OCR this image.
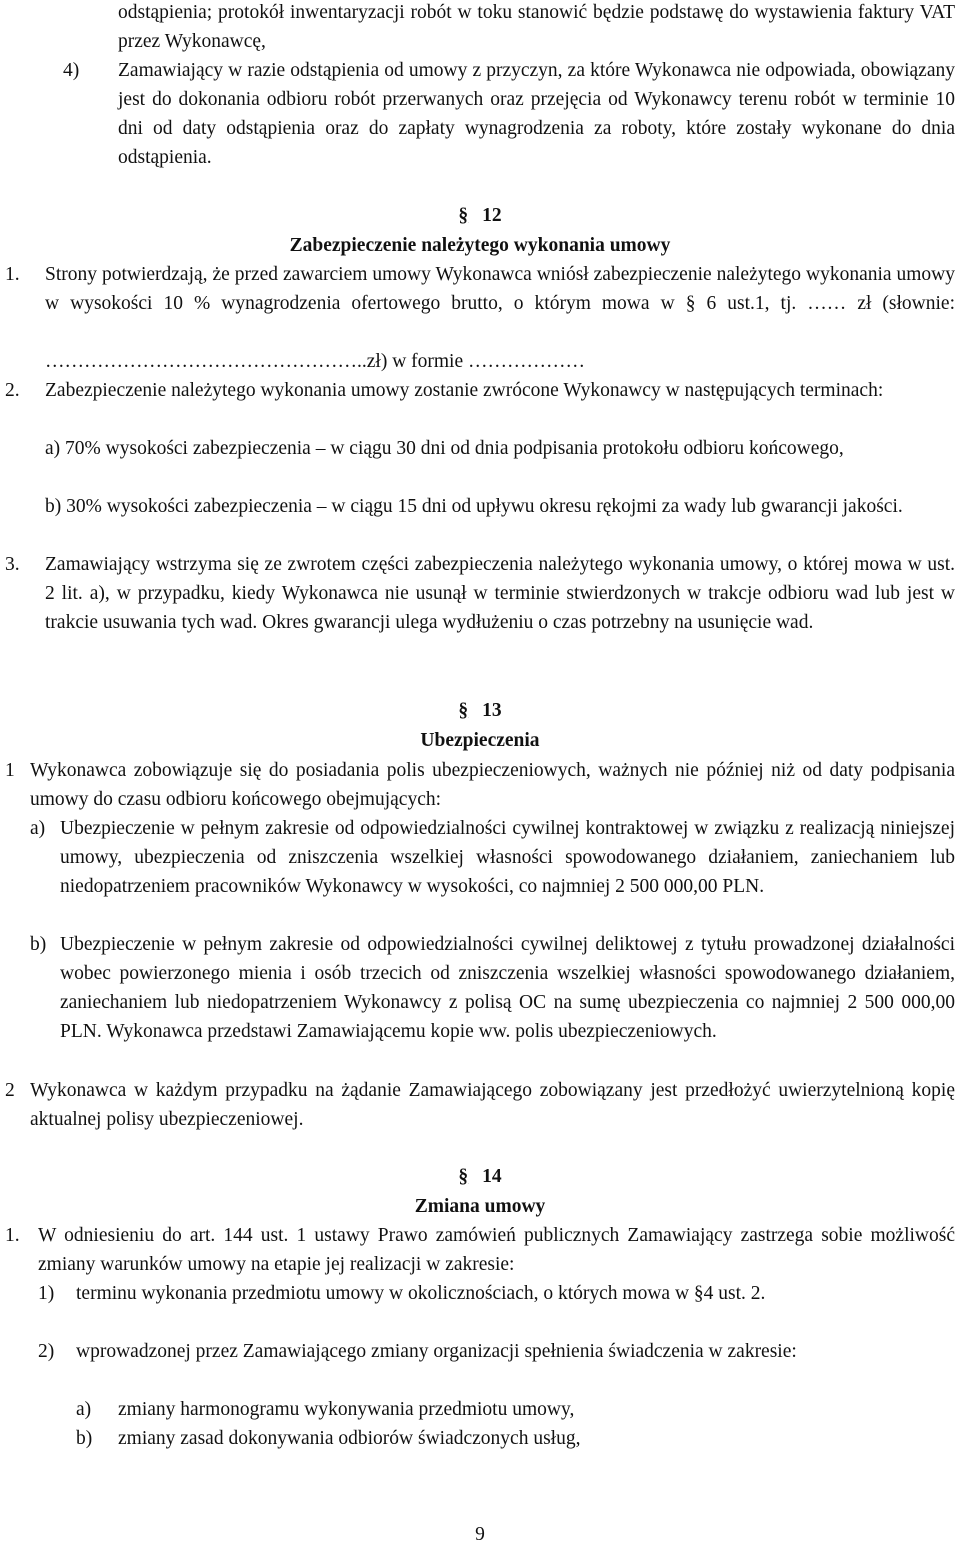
odstąpienia; protokół inwentaryzacji robót w toku stanowić będzie podstawę do wystawienia faktury VAT przez Wykonawcę,
4) Zamawiający w razie odstąpienia od umowy z przyczyn, za które Wykonawca nie odpowiada, obowiązany jest do dokonania odbioru robót przerwanych oraz przejęcia od Wykonawcy terenu robót w terminie 10 dni od daty odstąpienia oraz do zapłaty wynagrodzenia za roboty, które zostały wykonane do dnia odstąpienia.
§ 12
Zabezpieczenie należytego wykonania umowy
1. Strony potwierdzają, że przed zawarciem umowy Wykonawca wniósł zabezpieczenie należytego wykonania umowy w wysokości 10 % wynagrodzenia ofertowego brutto, o którym mowa w § 6 ust.1, tj. …… zł (słownie:
…………………………………………..zł) w formie ………………
2. Zabezpieczenie należytego wykonania umowy zostanie zwrócone Wykonawcy w następujących terminach:
a) 70% wysokości zabezpieczenia – w ciągu 30 dni od dnia podpisania protokołu odbioru końcowego,
b) 30% wysokości zabezpieczenia – w ciągu 15 dni od upływu okresu rękojmi za wady lub gwarancji jakości.
3. Zamawiający wstrzyma się ze zwrotem części zabezpieczenia należytego wykonania umowy, o której mowa w ust. 2 lit. a), w przypadku, kiedy Wykonawca nie usunął w terminie stwierdzonych w trakcje odbioru wad lub jest w trakcie usuwania tych wad. Okres gwarancji ulega wydłużeniu o czas potrzebny na usunięcie wad.
§ 13
Ubezpieczenia
1 Wykonawca zobowiązuje się do posiadania polis ubezpieczeniowych, ważnych nie później niż od daty podpisania umowy do czasu odbioru końcowego obejmujących:
a) Ubezpieczenie w pełnym zakresie od odpowiedzialności cywilnej kontraktowej w związku z realizacją niniejszej umowy, ubezpieczenia od zniszczenia wszelkiej własności spowodowanego działaniem, zaniechaniem lub niedopatrzeniem pracowników Wykonawcy w wysokości, co najmniej 2 500 000,00 PLN.
b) Ubezpieczenie w pełnym zakresie od odpowiedzialności cywilnej deliktowej z tytułu prowadzonej działalności wobec powierzonego mienia i osób trzecich od zniszczenia wszelkiej własności spowodowanego działaniem, zaniechaniem lub niedopatrzeniem Wykonawcy z polisą OC na sumę ubezpieczenia co najmniej 2 500 000,00 PLN. Wykonawca przedstawi Zamawiającemu kopie ww. polis ubezpieczeniowych.
2 Wykonawca w każdym przypadku na żądanie Zamawiającego zobowiązany jest przedłożyć uwierzytelnioną kopię aktualnej polisy ubezpieczeniowej.
§ 14
Zmiana umowy
1. W odniesieniu do art. 144 ust. 1 ustawy Prawo zamówień publicznych Zamawiający zastrzega sobie możliwość zmiany warunków umowy na etapie jej realizacji w zakresie:
1) terminu wykonania przedmiotu umowy w okolicznościach, o których mowa w §4 ust. 2.
2) wprowadzonej przez Zamawiającego zmiany organizacji spełnienia świadczenia w zakresie:
a) zmiany harmonogramu wykonywania przedmiotu umowy,
b) zmiany zasad dokonywania odbiorów świadczonych usług,
9
